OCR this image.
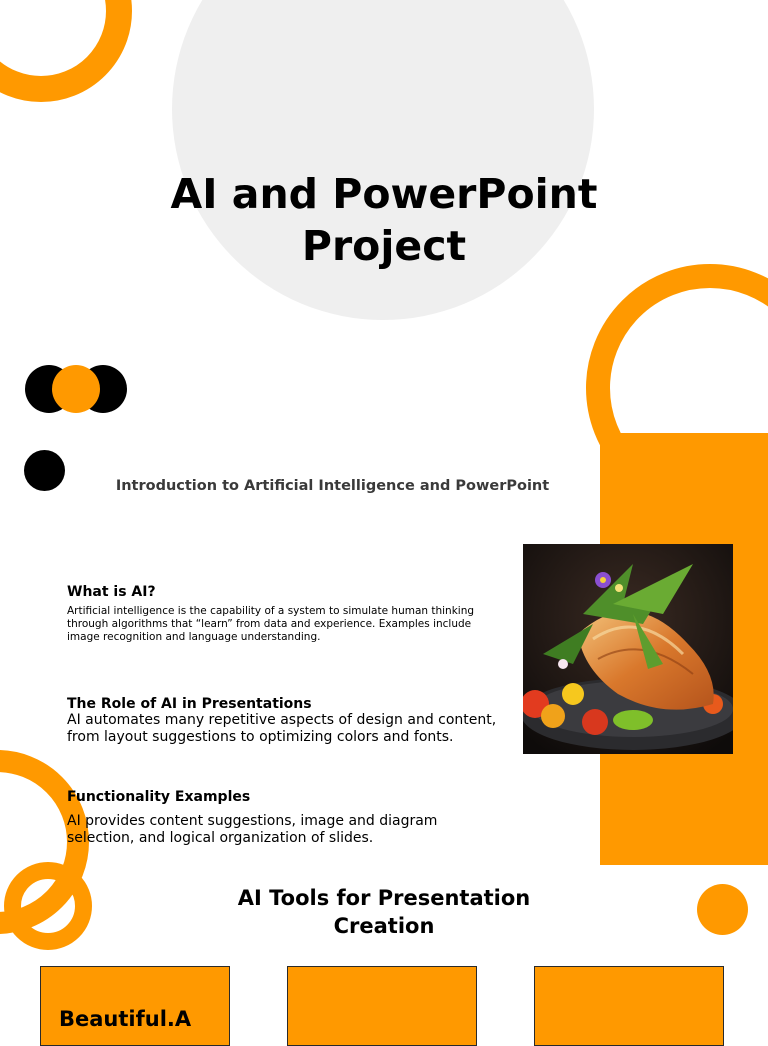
AI and PowerPoint Project
Introduction to Artificial Intelligence and PowerPoint
What is AI?
Artificial intelligence is the capability of a system to simulate human thinking through algorithms that “learn” from data and experience. Examples include image recognition and language understanding.
The Role of AI in Presentations
AI automates many repetitive aspects of design and content, from layout suggestions to optimizing colors and fonts.
Functionality Examples
AI provides content suggestions, image and diagram selection, and logical organization of slides.
AI Tools for Presentation Creation
Beautiful.A
